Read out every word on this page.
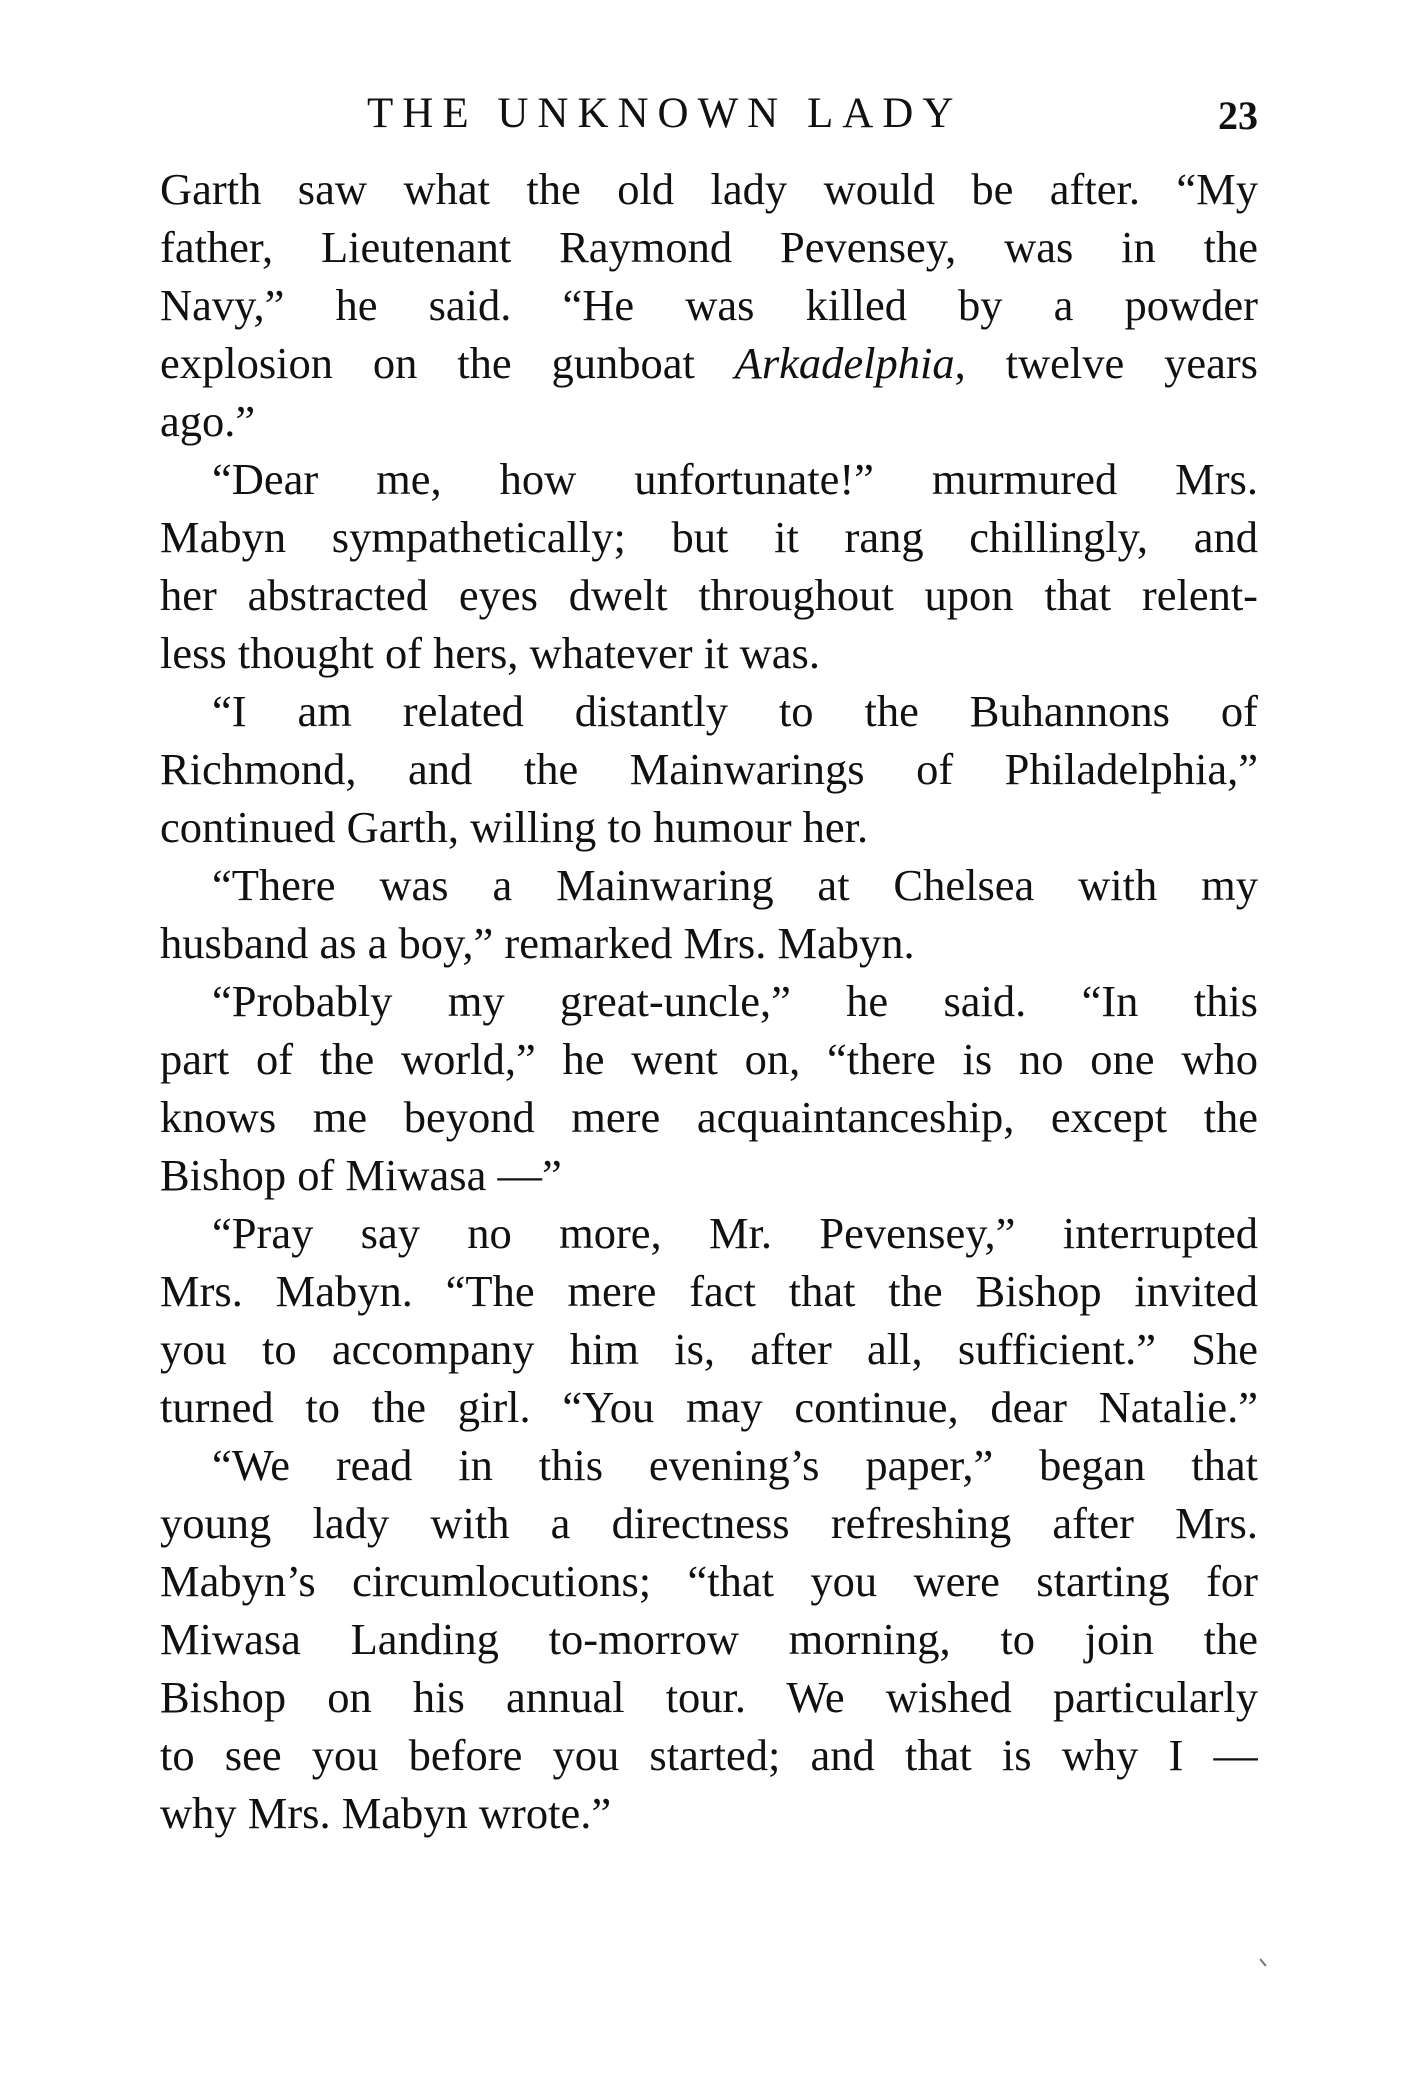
THE UNKNOWN LADY	23
Garth saw what the old lady would be after. “My
father, Lieutenant Raymond Pevensey, was in the
Navy,” he said. “He was killed by a powder
explosion on the gunboat Arkadelphia, twelve years
ago.”
“Dear me, how unfortunate!” murmured Mrs.
Mabyn sympathetically; but it rang chillingly, and
her abstracted eyes dwelt throughout upon that relent-
less thought of hers, whatever it was.
“I am related distantly to the Buhannons of
Richmond, and the Mainwarings of Philadelphia,”
continued Garth, willing to humour her.
“There was a Mainwaring at Chelsea with my
husband as a boy,” remarked Mrs. Mabyn.
“Probably my great-uncle,” he said. “In this
part of the world,” he went on, “there is no one who
knows me beyond mere acquaintanceship, except the
Bishop of Miwasa —”
“Pray say no more, Mr. Pevensey,” interrupted
Mrs. Mabyn. “The mere fact that the Bishop invited
you to accompany him is, after all, sufficient.” She
turned to the girl. “You may continue, dear Natalie.”
“We read in this evening’s paper,” began that
young lady with a directness refreshing after Mrs.
Mabyn’s circumlocutions; “that you were starting for
Miwasa Landing to-morrow morning, to join the
Bishop on his annual tour. We wished particularly
to see you before you started; and that is why I —
why Mrs. Mabyn wrote.”
